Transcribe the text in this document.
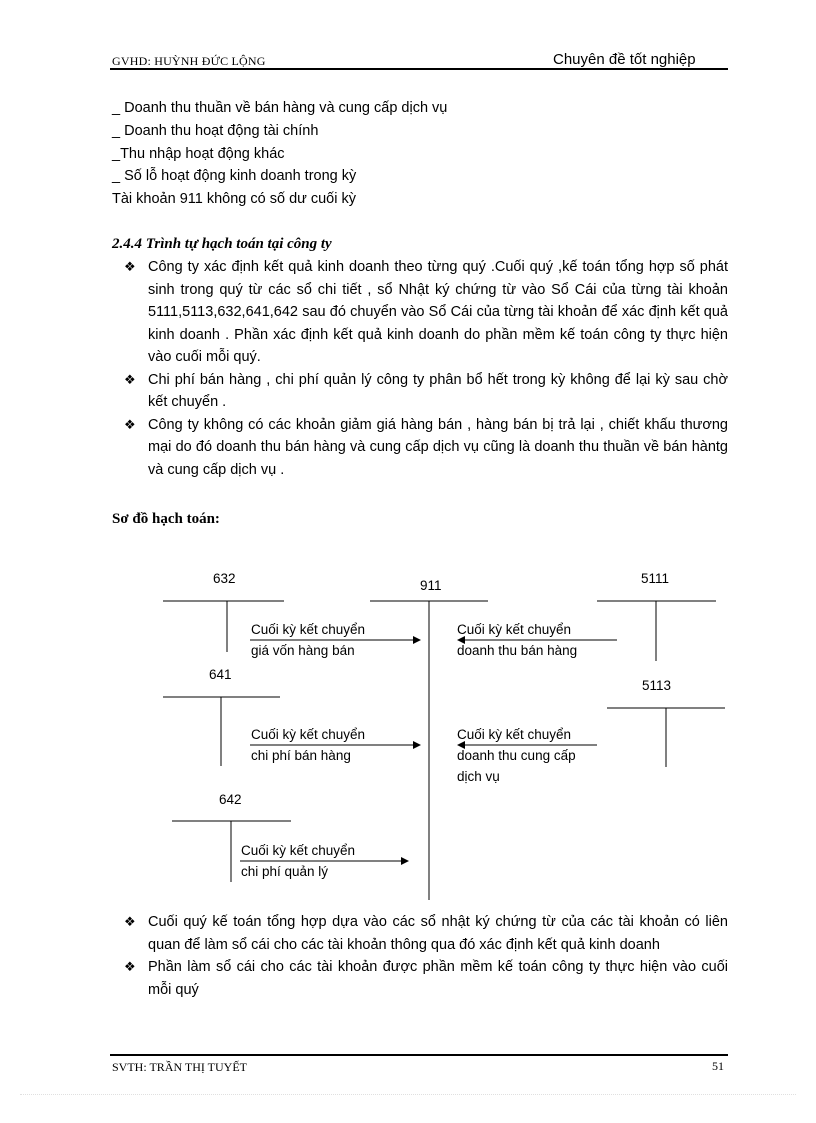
GVHD: HUỲNH ĐỨC LỘNG	Chuyên đề tốt nghiệp
_ Doanh thu thuần về bán hàng và cung cấp dịch vụ
_ Doanh thu hoạt động tài chính
_Thu nhập hoạt động khác
_ Số lỗ hoạt động kinh doanh trong kỳ
Tài khoản 911 không có số dư cuối kỳ
2.4.4 Trình tự hạch toán tại công ty
❖ Công ty xác định kết quả kinh doanh theo từng quý .Cuối quý ,kế toán tổng hợp số phát sinh trong quý từ các sổ chi tiết , sổ Nhật ký chứng từ vào Sổ Cái của từng tài khoản 5111,5113,632,641,642 sau đó chuyển vào Sổ Cái của từng tài khoản để xác định kết quả kinh doanh . Phần xác định kết quả kinh doanh do phần mềm kế toán công ty thực hiện vào cuối mỗi quý.
❖ Chi phí bán hàng , chi phí quản lý công ty phân bổ hết trong kỳ không để lại kỳ sau chờ kết chuyển .
❖ Công ty không có các khoản giảm giá hàng bán , hàng bán bị trả lại , chiết khấu thương mại do đó doanh thu bán hàng và cung cấp dịch vụ cũng là doanh thu thuần về bán hàntg và cung cấp dịch vụ .
Sơ đồ hạch toán:
632	911	5111
641
5113
642
Cuối kỳ kết chuyển
giá vốn hàng bán
Cuối kỳ kết chuyển
doanh thu bán hàng
Cuối kỳ kết chuyển
chi phí bán hàng
Cuối kỳ kết chuyển
doanh thu cung cấp
dịch vụ
Cuối kỳ kết chuyển
chi phí quản lý
❖ Cuối quý kế toán tổng hợp dựa vào các sổ nhật ký chứng từ của các tài khoản có liên quan để làm sổ cái cho các tài khoản thông qua đó xác định kết quả kinh doanh
❖ Phần làm sổ cái cho các tài khoản được phần mềm kế toán công ty thực hiện vào cuối mỗi quý
SVTH: TRẦN THỊ TUYẾT	51
